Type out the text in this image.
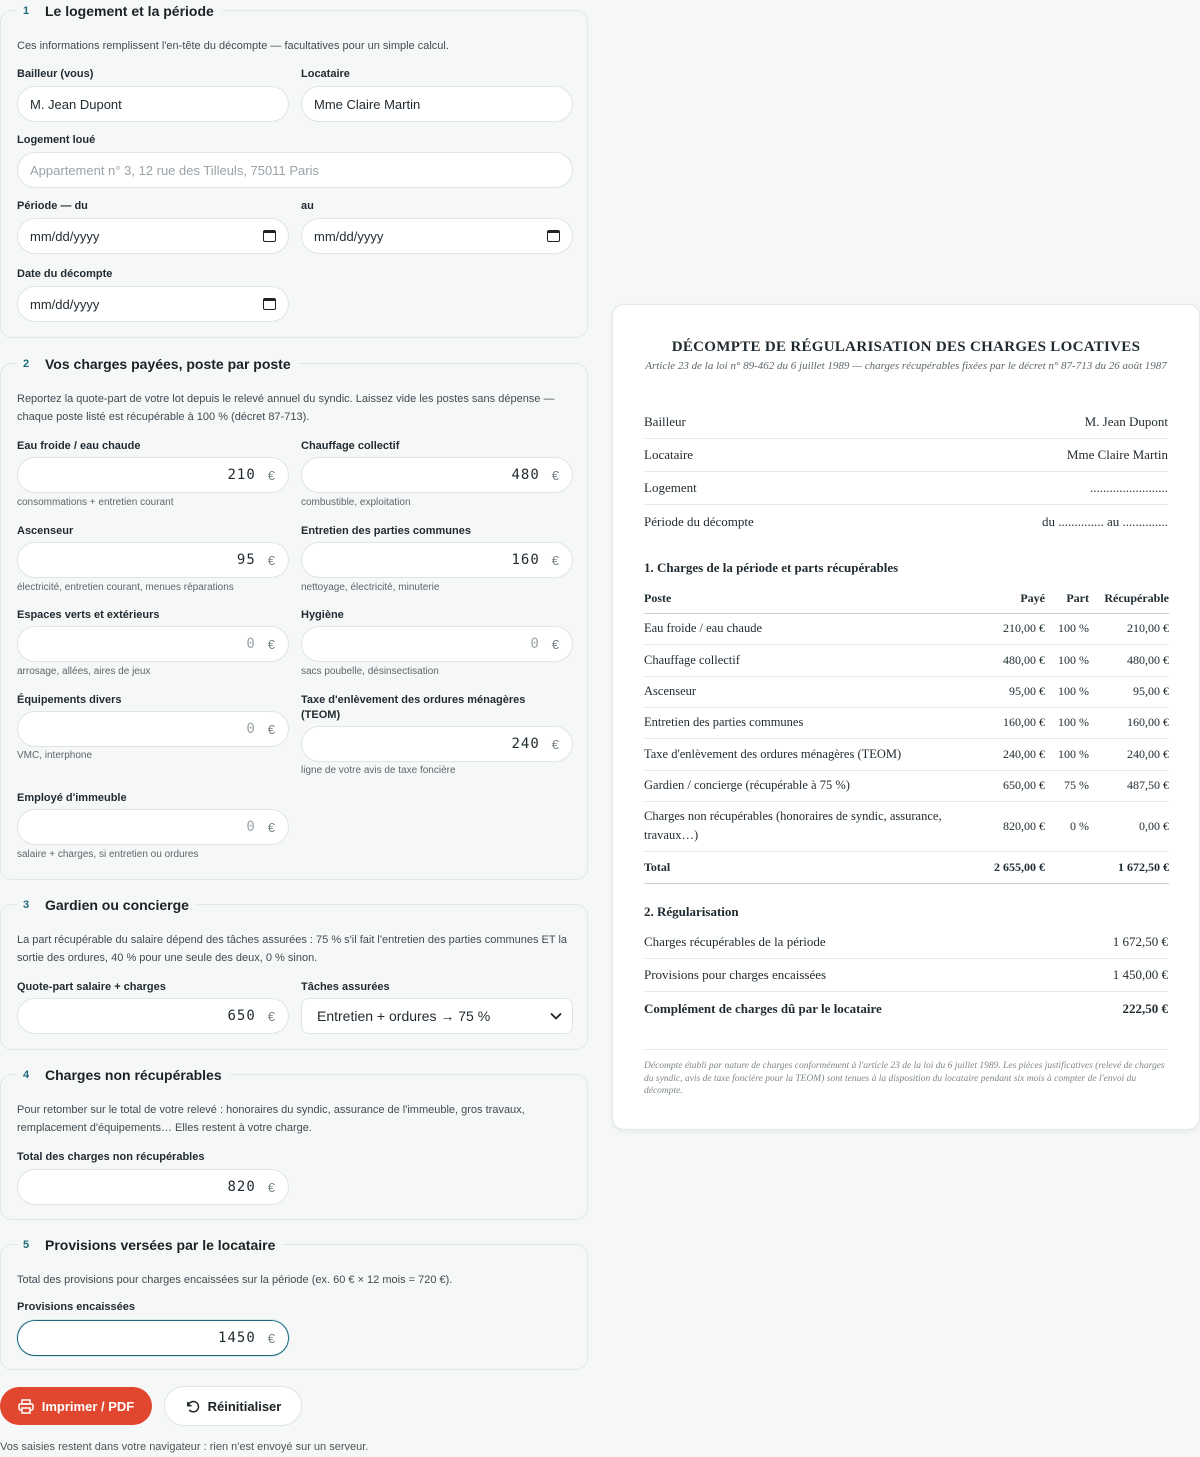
1	Le logement et la période
Ces informations remplissent l'en-tête du décompte — facultatives pour un simple calcul.
Bailleur (vous)
M. Jean Dupont
Locataire
Mme Claire Martin
Logement loué
Appartement n° 3, 12 rue des Tilleuls, 75011 Paris
Période — du
mm/dd/yyyy
au
mm/dd/yyyy
Date du décompte
mm/dd/yyyy
2	Vos charges payées, poste par poste
Reportez la quote-part de votre lot depuis le relevé annuel du syndic. Laissez vide les postes sans dépense — chaque poste listé est récupérable à 100 % (décret 87-713).
Eau froide / eau chaude
210 €
consommations + entretien courant
Chauffage collectif
480 €
combustible, exploitation
Ascenseur
95 €
électricité, entretien courant, menues réparations
Entretien des parties communes
160 €
nettoyage, électricité, minuterie
Espaces verts et extérieurs
0 €
arrosage, allées, aires de jeux
Hygiène
0 €
sacs poubelle, désinsectisation
Équipements divers
0 €
VMC, interphone
Taxe d'enlèvement des ordures ménagères (TEOM)
240 €
ligne de votre avis de taxe foncière
Employé d'immeuble
0 €
salaire + charges, si entretien ou ordures
3	Gardien ou concierge
La part récupérable du salaire dépend des tâches assurées : 75 % s'il fait l'entretien des parties communes ET la sortie des ordures, 40 % pour une seule des deux, 0 % sinon.
Quote-part salaire + charges
650 €
Tâches assurées
Entretien + ordures → 75 %
4	Charges non récupérables
Pour retomber sur le total de votre relevé : honoraires du syndic, assurance de l'immeuble, gros travaux, remplacement d'équipements… Elles restent à votre charge.
Total des charges non récupérables
820 €
5	Provisions versées par le locataire
Total des provisions pour charges encaissées sur la période (ex. 60 € × 12 mois = 720 €).
Provisions encaissées
1450 €
Imprimer / PDF	Réinitialiser
Vos saisies restent dans votre navigateur : rien n'est envoyé sur un serveur.
DÉCOMPTE DE RÉGULARISATION DES CHARGES LOCATIVES
Article 23 de la loi n° 89-462 du 6 juillet 1989 — charges récupérables fixées par le décret n° 87-713 du 26 août 1987
Bailleur	M. Jean Dupont
Locataire	Mme Claire Martin
Logement	........................
Période du décompte	du .............. au ..............
1. Charges de la période et parts récupérables
Poste	Payé	Part	Récupérable
Eau froide / eau chaude	210,00 €	100 %	210,00 €
Chauffage collectif	480,00 €	100 %	480,00 €
Ascenseur	95,00 €	100 %	95,00 €
Entretien des parties communes	160,00 €	100 %	160,00 €
Taxe d'enlèvement des ordures ménagères (TEOM)	240,00 €	100 %	240,00 €
Gardien / concierge (récupérable à 75 %)	650,00 €	75 %	487,50 €
Charges non récupérables (honoraires de syndic, assurance, travaux…)	820,00 €	0 %	0,00 €
Total	2 655,00 €		1 672,50 €
2. Régularisation
Charges récupérables de la période	1 672,50 €
Provisions pour charges encaissées	1 450,00 €
Complément de charges dû par le locataire	222,50 €
Décompte établi par nature de charges conformément à l'article 23 de la loi du 6 juillet 1989. Les pièces justificatives (relevé de charges du syndic, avis de taxe foncière pour la TEOM) sont tenues à la disposition du locataire pendant six mois à compter de l'envoi du décompte.
